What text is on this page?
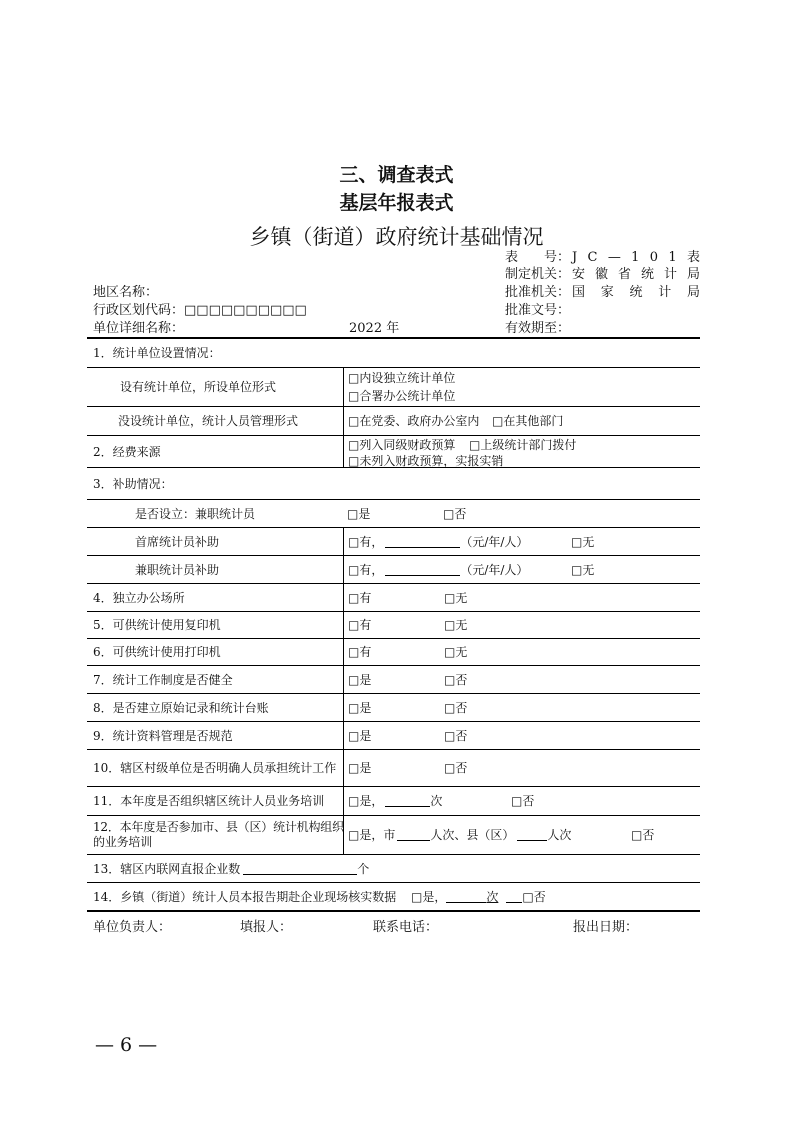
三、调查表式
基层年报表式
乡镇（街道）政府统计基础情况
表　　号： J C — 1 0 1 表
制定机关： 安 徽 省 统 计 局
批准机关： 国 家 统 计 局
批准文号：
有效期至：
地区名称：
行政区划代码：□□□□□□□□□□
单位详细名称：	2022 年
1．统计单位设置情况：
设有统计单位，所设单位形式
□内设独立统计单位
□合署办公统计单位
没设统计单位，统计人员管理形式	□在党委、政府办公室内 □在其他部门
2．经费来源	□列入同级财政预算 □上级统计部门拨付
□未列入财政预算，实报实销
3．补助情况：
是否设立：兼职统计员	□是	□否
首席统计员补助	□有，	（元/年/人）	□无
兼职统计员补助	□有，	（元/年/人）	□无
4．独立办公场所	□有	□无
5．可供统计使用复印机	□有	□无
6．可供统计使用打印机	□有	□无
7．统计工作制度是否健全	□是	□否
8．是否建立原始记录和统计台账	□是	□否
9．统计资料管理是否规范	□是	□否
10．辖区村级单位是否明确人员承担统计工作 □是	□否
11．本年度是否组织辖区统计人员业务培训 □是，	次	□否
12．本年度是否参加市、县（区）统计机构组织
的业务培训	□是，市	人次、县（区）	人次	□否
13．辖区内联网直报企业数	个
14．乡镇（街道）统计人员本报告期赴企业现场核实数据 □是，	次 □否
单位负责人：	填报人：	联系电话：	报出日期：
— 6 —
